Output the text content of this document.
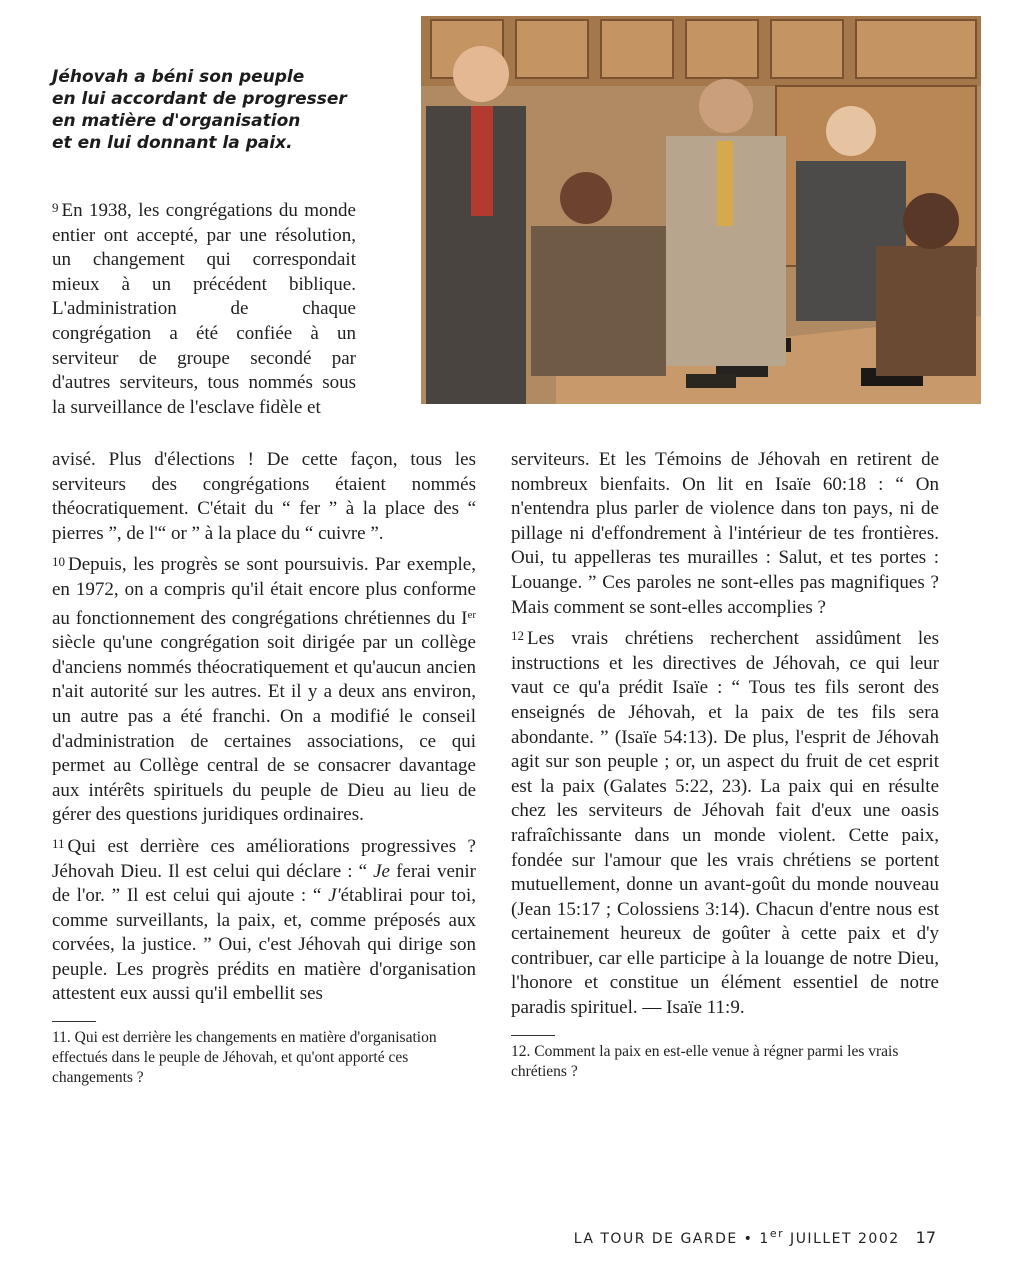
Jéhovah a béni son peuple
en lui accordant de progresser
en matière d'organisation
et en lui donnant la paix.

$^9$ En 1938, les congrégations du monde entier ont accepté, par une résolution, un changement qui correspondait mieux à un précédent biblique. L'administration de chaque congrégation a été confiée à un serviteur de groupe secondé par d'autres serviteurs, tous nommés sous la surveillance de l'esclave fidèle et

avisé. Plus d'élections ! De cette façon, tous les serviteurs des congrégations étaient nommés théocratiquement. C'était du “ fer ” à la place des “ pierres ”, de l'“ or ” à la place du “ cuivre ”.

$^{10}$ Depuis, les progrès se sont poursuivis. Par exemple, en 1972, on a compris qu'il était encore plus conforme au fonctionnement des congrégations chrétiennes du Ier siècle qu'une congrégation soit dirigée par un collège d'anciens nommés théocratiquement et qu'aucun ancien n'ait autorité sur les autres. Et il y a deux ans environ, un autre pas a été franchi. On a modifié le conseil d'administration de certaines associations, ce qui permet au Collège central de se consacrer davantage aux intérêts spirituels du peuple de Dieu au lieu de gérer des questions juridiques ordinaires.

$^{11}$ Qui est derrière ces améliorations progressives ? Jéhovah Dieu. Il est celui qui déclare : “ Je ferai venir de l'or. ” Il est celui qui ajoute : “ J'établirai pour toi, comme surveillants, la paix, et, comme préposés aux corvées, la justice. ” Oui, c'est Jéhovah qui dirige son peuple. Les progrès prédits en matière d'organisation attestent eux aussi qu'il embellit ses

11. Qui est derrière les changements en matière d'organisation effectués dans le peuple de Jéhovah, et qu'ont apporté ces changements ?

serviteurs. Et les Témoins de Jéhovah en retirent de nombreux bienfaits. On lit en Isaïe 60:18 : “ On n'entendra plus parler de violence dans ton pays, ni de pillage ni d'effondrement à l'intérieur de tes frontières. Oui, tu appelleras tes murailles : Salut, et tes portes : Louange. ” Ces paroles ne sont-elles pas magnifiques ? Mais comment se sont-elles accomplies ?

$^{12}$ Les vrais chrétiens recherchent assidûment les instructions et les directives de Jéhovah, ce qui leur vaut ce qu'a prédit Isaïe : “ Tous tes fils seront des enseignés de Jéhovah, et la paix de tes fils sera abondante. ” (Isaïe 54:13). De plus, l'esprit de Jéhovah agit sur son peuple ; or, un aspect du fruit de cet esprit est la paix (Galates 5:22, 23). La paix qui en résulte chez les serviteurs de Jéhovah fait d'eux une oasis rafraîchissante dans un monde violent. Cette paix, fondée sur l'amour que les vrais chrétiens se portent mutuellement, donne un avant-goût du monde nouveau (Jean 15:17 ; Colossiens 3:14). Chacun d'entre nous est certainement heureux de goûter à cette paix et d'y contribuer, car elle participe à la louange de notre Dieu, l'honore et constitue un élément essentiel de notre paradis spirituel. — Isaïe 11:9.

12. Comment la paix en est-elle venue à régner parmi les vrais chrétiens ?

LA TOUR DE GARDE • 1er JUILLET 2002 17
